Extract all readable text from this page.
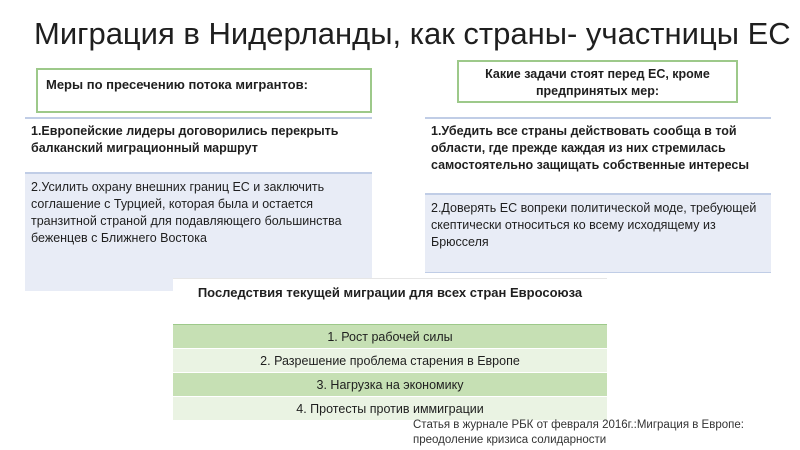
Миграция в Нидерланды, как страны- участницы ЕС
Меры по пресечению потока мигрантов:
1.Европейские лидеры договорились перекрыть балканский миграционный маршрут
2.Усилить охрану внешних границ ЕС и заключить соглашение с Турцией, которая была и остается транзитной страной для подавляющего большинства беженцев с Ближнего Востока
Какие задачи стоят перед ЕС, кроме предпринятых мер:
1.Убедить все страны действовать сообща в той области, где прежде каждая из них стремилась самостоятельно защищать собственные интересы
2.Доверять ЕС вопреки политической моде, требующей скептически относиться ко всему исходящему из Брюсселя
Последствия текущей миграции для всех стран Евросоюза
1. Рост рабочей силы
2. Разрешение проблема старения в Европе
3. Нагрузка на экономику
4. Протесты против иммиграции
Статья в журнале РБК от февраля 2016г.:Миграция в Европе: преодоление кризиса солидарности
